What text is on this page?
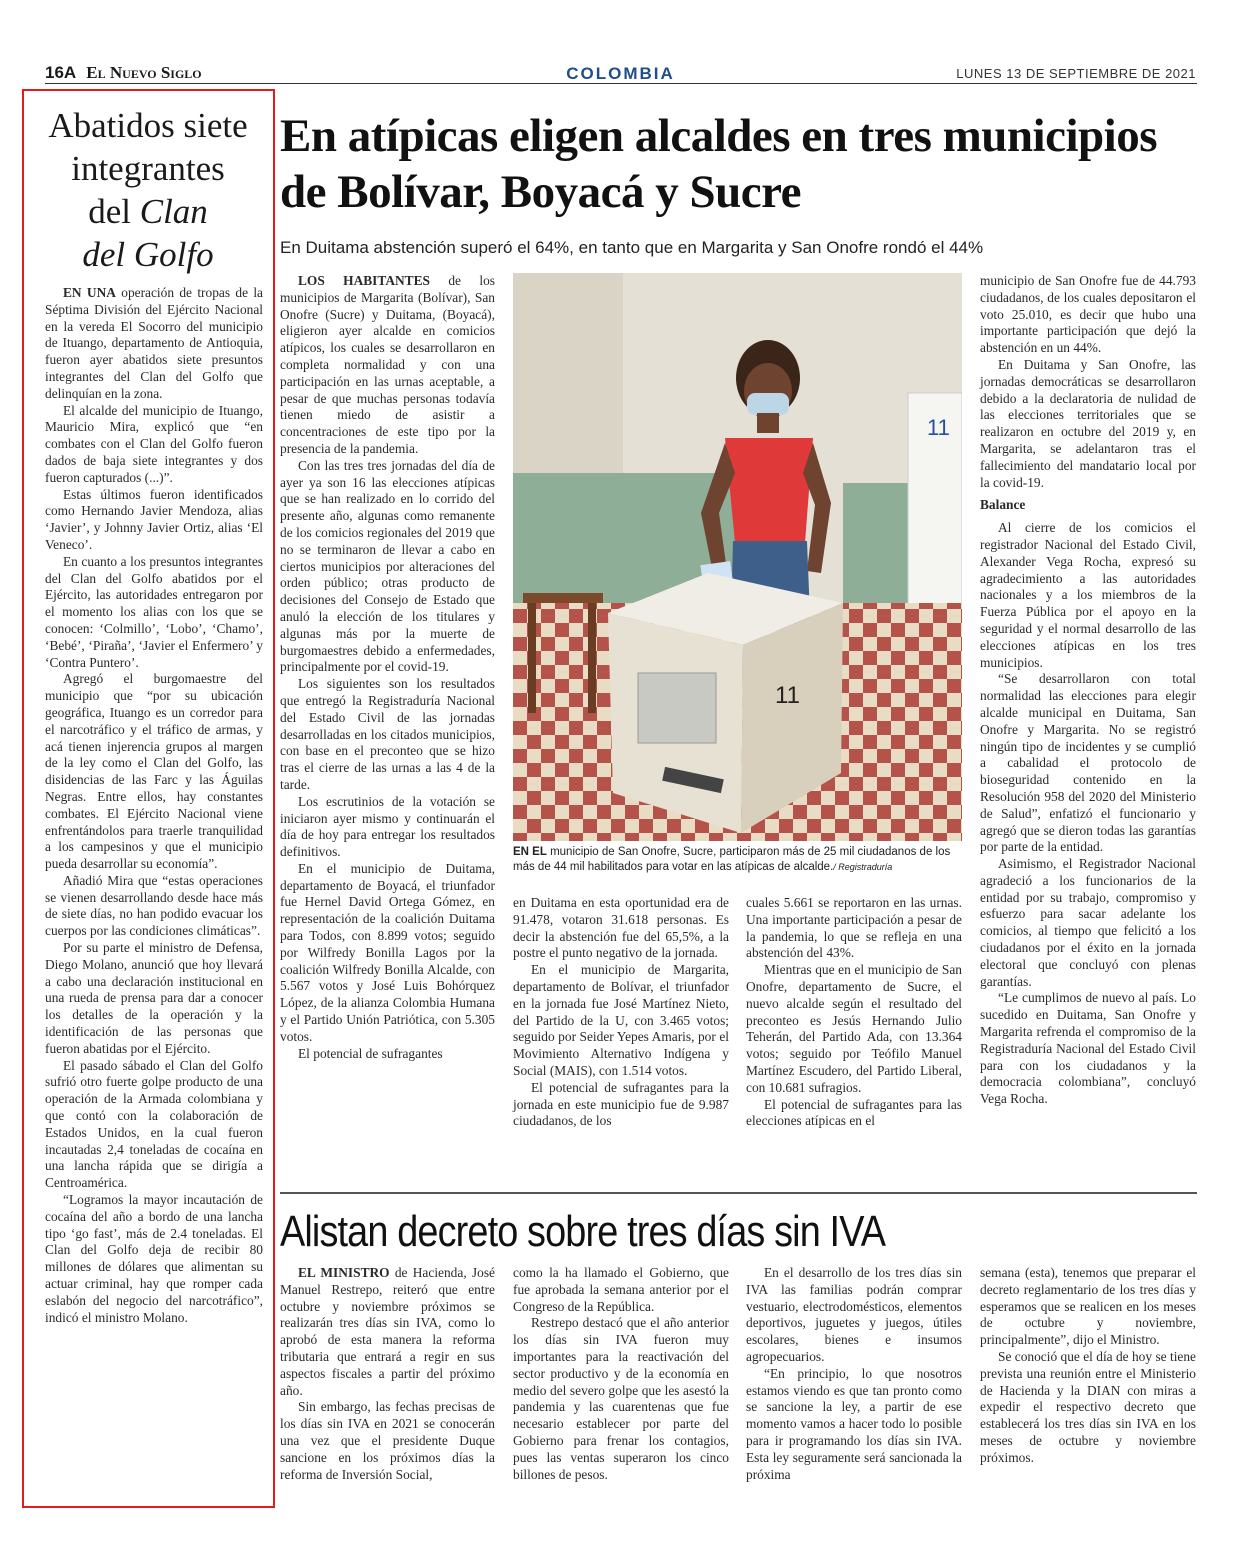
16A El Nuevo Siglo	COLOMBIA	LUNES 13 DE SEPTIEMBRE DE 2021
Abatidos siete
integrantes
del Clan
del Golfo

EN UNA operación de tropas de la Séptima División del Ejército Nacional en la vereda El Socorro del municipio de Ituango, departamento de Antioquia, fueron ayer abatidos siete presuntos integrantes del Clan del Golfo que delinquían en la zona.

El alcalde del municipio de Ituango, Mauricio Mira, explicó que “en combates con el Clan del Golfo fueron dados de baja siete integrantes y dos fueron capturados (...)”.

Estas últimos fueron identificados como Hernando Javier Mendoza, alias ‘Javier’, y Johnny Javier Ortiz, alias ‘El Veneco’.

En cuanto a los presuntos integrantes del Clan del Golfo abatidos por el Ejército, las autoridades entregaron por el momento los alias con los que se conocen: ‘Colmillo’, ‘Lobo’, ‘Chamo’, ‘Bebé’, ‘Piraña’, ‘Javier el Enfermero’ y ‘Contra Puntero’.

Agregó el burgomaestre del municipio que “por su ubicación geográfica, Ituango es un corredor para el narcotráfico y el tráfico de armas, y acá tienen injerencia grupos al margen de la ley como el Clan del Golfo, las disidencias de las Farc y las Águilas Negras. Entre ellos, hay constantes combates. El Ejército Nacional viene enfrentándolos para traerle tranquilidad a los campesinos y que el municipio pueda desarrollar su economía”.

Añadió Mira que “estas operaciones se vienen desarrollando desde hace más de siete días, no han podido evacuar los cuerpos por las condiciones climáticas”.

Por su parte el ministro de Defensa, Diego Molano, anunció que hoy llevará a cabo una declaración institucional en una rueda de prensa para dar a conocer los detalles de la operación y la identificación de las personas que fueron abatidas por el Ejército.

El pasado sábado el Clan del Golfo sufrió otro fuerte golpe producto de una operación de la Armada colombiana y que contó con la colaboración de Estados Unidos, en la cual fueron incautadas 2,4 toneladas de cocaína en una lancha rápida que se dirigía a Centroamérica.

“Logramos la mayor incautación de cocaína del año a bordo de una lancha tipo ‘go fast’, más de 2.4 toneladas. El Clan del Golfo deja de recibir 80 millones de dólares que alimentan su actuar criminal, hay que romper cada eslabón del negocio del narcotráfico”, indicó el ministro Molano.

En atípicas eligen alcaldes en tres municipios de Bolívar, Boyacá y Sucre
En Duitama abstención superó el 64%, en tanto que en Margarita y San Onofre rondó el 44%

LOS HABITANTES de los municipios de Margarita (Bolívar), San Onofre (Sucre) y Duitama, (Boyacá), eligieron ayer alcalde en comicios atípicos, los cuales se desarrollaron en completa normalidad y con una participación en las urnas aceptable, a pesar de que muchas personas todavía tienen miedo de asistir a concentraciones de este tipo por la presencia de la pandemia.

Con las tres tres jornadas del día de ayer ya son 16 las elecciones atípicas que se han realizado en lo corrido del presente año, algunas como remanente de los comicios regionales del 2019 que no se terminaron de llevar a cabo en ciertos municipios por alteraciones del orden público; otras producto de decisiones del Consejo de Estado que anuló la elección de los titulares y algunas más por la muerte de burgomaestres debido a enfermedades, principalmente por el covid-19.

Los siguientes son los resultados que entregó la Registraduría Nacional del Estado Civil de las jornadas desarrolladas en los citados municipios, con base en el preconteo que se hizo tras el cierre de las urnas a las 4 de la tarde.

Los escrutinios de la votación se iniciaron ayer mismo y continuarán el día de hoy para entregar los resultados definitivos.

En el municipio de Duitama, departamento de Boyacá, el triunfador fue Hernel David Ortega Gómez, en representación de la coalición Duitama para Todos, con 8.899 votos; seguido por Wilfredy Bonilla Lagos por la coalición Wilfredy Bonilla Alcalde, con 5.567 votos y José Luis Bohórquez López, de la alianza Colombia Humana y el Partido Unión Patriótica, con 5.305 votos.

El potencial de sufragantes

11
11
EN EL municipio de San Onofre, Sucre, participaron más de 25 mil ciudadanos de los más de 44 mil habilitados para votar en las atípicas de alcalde./ Registraduría

en Duitama en esta oportunidad era de 91.478, votaron 31.618 personas. Es decir la abstención fue del 65,5%, a la postre el punto negativo de la jornada.

En el municipio de Margarita, departamento de Bolívar, el triunfador en la jornada fue José Martínez Nieto, del Partido de la U, con 3.465 votos; seguido por Seider Yepes Amaris, por el Movimiento Alternativo Indígena y Social (MAIS), con 1.514 votos.

El potencial de sufragantes para la jornada en este municipio fue de 9.987 ciudadanos, de los

cuales 5.661 se reportaron en las urnas. Una importante participación a pesar de la pandemia, lo que se refleja en una abstención del 43%.

Mientras que en el municipio de San Onofre, departamento de Sucre, el nuevo alcalde según el resultado del preconteo es Jesús Hernando Julio Teherán, del Partido Ada, con 13.364 votos; seguido por Teófilo Manuel Martínez Escudero, del Partido Liberal, con 10.681 sufragios.

El potencial de sufragantes para las elecciones atípicas en el

municipio de San Onofre fue de 44.793 ciudadanos, de los cuales depositaron el voto 25.010, es decir que hubo una importante participación que dejó la abstención en un 44%.

En Duitama y San Onofre, las jornadas democráticas se desarrollaron debido a la declaratoria de nulidad de las elecciones territoriales que se realizaron en octubre del 2019 y, en Margarita, se adelantaron tras el fallecimiento del mandatario local por la covid-19.

Balance

Al cierre de los comicios el registrador Nacional del Estado Civil, Alexander Vega Rocha, expresó su agradecimiento a las autoridades nacionales y a los miembros de la Fuerza Pública por el apoyo en la seguridad y el normal desarrollo de las elecciones atípicas en los tres municipios.

“Se desarrollaron con total normalidad las elecciones para elegir alcalde municipal en Duitama, San Onofre y Margarita. No se registró ningún tipo de incidentes y se cumplió a cabalidad el protocolo de bioseguridad contenido en la Resolución 958 del 2020 del Ministerio de Salud”, enfatizó el funcionario y agregó que se dieron todas las garantías por parte de la entidad.

Asimismo, el Registrador Nacional agradeció a los funcionarios de la entidad por su trabajo, compromiso y esfuerzo para sacar adelante los comicios, al tiempo que felicitó a los ciudadanos por el éxito en la jornada electoral que concluyó con plenas garantías.

“Le cumplimos de nuevo al país. Lo sucedido en Duitama, San Onofre y Margarita refrenda el compromiso de la Registraduría Nacional del Estado Civil para con los ciudadanos y la democracia colombiana”, concluyó Vega Rocha.

Alistan decreto sobre tres días sin IVA

EL MINISTRO de Hacienda, José Manuel Restrepo, reiteró que entre octubre y noviembre próximos se realizarán tres días sin IVA, como lo aprobó de esta manera la reforma tributaria que entrará a regir en sus aspectos fiscales a partir del próximo año.

Sin embargo, las fechas precisas de los días sin IVA en 2021 se conocerán una vez que el presidente Duque sancione en los próximos días la reforma de Inversión Social,

como la ha llamado el Gobierno, que fue aprobada la semana anterior por el Congreso de la República.

Restrepo destacó que el año anterior los días sin IVA fueron muy importantes para la reactivación del sector productivo y de la economía en medio del severo golpe que les asestó la pandemia y las cuarentenas que fue necesario establecer por parte del Gobierno para frenar los contagios, pues las ventas superaron los cinco billones de pesos.

En el desarrollo de los tres días sin IVA las familias podrán comprar vestuario, electrodomésticos, elementos deportivos, juguetes y juegos, útiles escolares, bienes e insumos agropecuarios.

“En principio, lo que nosotros estamos viendo es que tan pronto como se sancione la ley, a partir de ese momento vamos a hacer todo lo posible para ir programando los días sin IVA. Esta ley seguramente será sancionada la próxima

semana (esta), tenemos que preparar el decreto reglamentario de los tres días y esperamos que se realicen en los meses de octubre y noviembre, principalmente”, dijo el Ministro.

Se conoció que el día de hoy se tiene prevista una reunión entre el Ministerio de Hacienda y la DIAN con miras a expedir el respectivo decreto que establecerá los tres días sin IVA en los meses de octubre y noviembre próximos.
